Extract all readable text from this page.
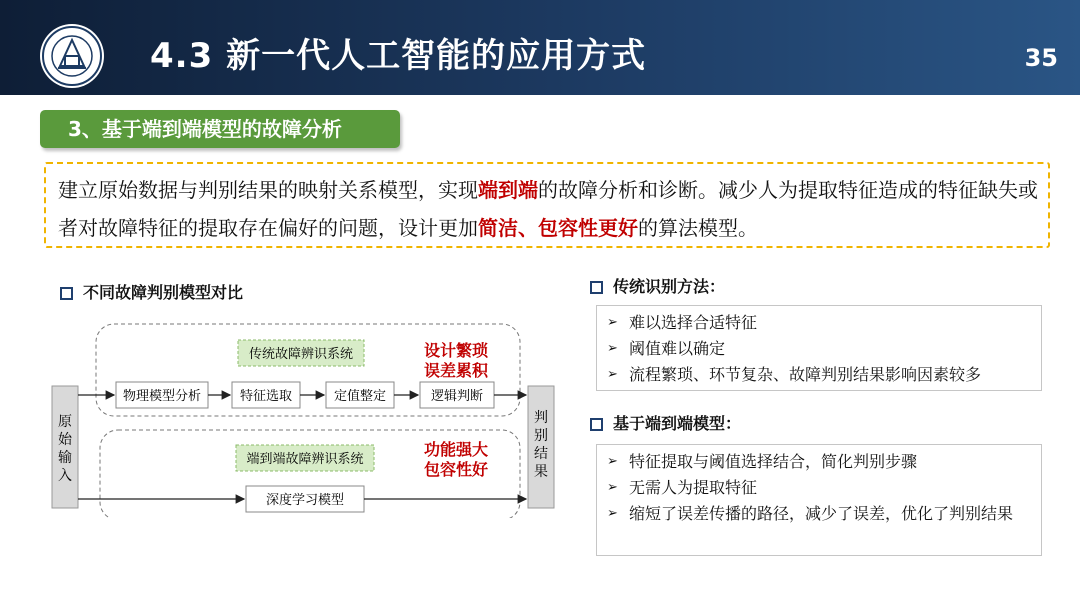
4.3 新一代人工智能的应用方式	35
3、基于端到端模型的故障分析
建立原始数据与判别结果的映射关系模型，实现端到端的故障分析和诊断。减少人为提取特征造成的特征缺失或者对故障特征的提取存在偏好的问题，设计更加简洁、包容性更好的算法模型。
不同故障判别模型对比
原
始
输
入
判
别
结
果
传统故障辨识系统	设计繁琐
误差累积
物理模型分析	特征选取	定值整定	逻辑判断
端到端故障辨识系统
功能强大
包容性好
深度学习模型
传统识别方法：
➢ 难以选择合适特征
➢ 阈值难以确定
➢ 流程繁琐、环节复杂、故障判别结果影响因素较多
基于端到端模型：
➢ 特征提取与阈值选择结合，简化判别步骤
➢ 无需人为提取特征
➢ 缩短了误差传播的路径，减少了误差，优化了判别结果
